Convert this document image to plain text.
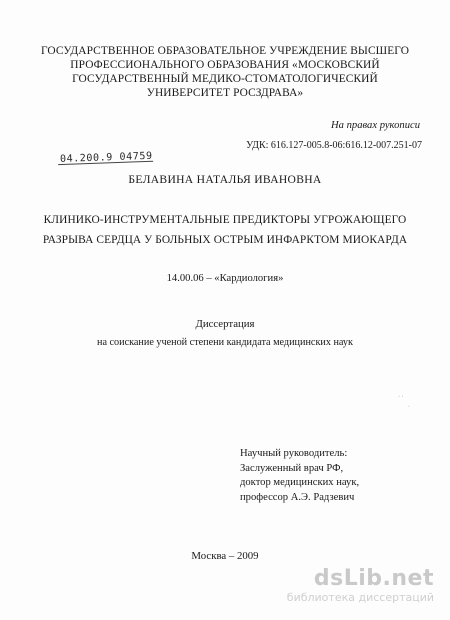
ГОСУДАРСТВЕННОЕ ОБРАЗОВАТЕЛЬНОЕ УЧРЕЖДЕНИЕ ВЫСШЕГО
ПРОФЕССИОНАЛЬНОГО ОБРАЗОВАНИЯ «МОСКОВСКИЙ
ГОСУДАРСТВЕННЫЙ МЕДИКО-СТОМАТОЛОГИЧЕСКИЙ
УНИВЕРСИТЕТ РОСЗДРАВА»
На правах рукописи
УДК: 616.127-005.8-06:616.12-007.251-07
04.200.9 04759
БЕЛАВИНА НАТАЛЬЯ ИВАНОВНА
КЛИНИКО-ИНСТРУМЕНТАЛЬНЫЕ ПРЕДИКТОРЫ УГРОЖАЮЩЕГО
РАЗРЫВА СЕРДЦА У БОЛЬНЫХ ОСТРЫМ ИНФАРКТОМ МИОКАРДА
14.00.06 – «Кардиология»
Диссертация
на соискание ученой степени кандидата медицинских наук
· ·
·
Научный руководитель:
Заслуженный врач РФ,
доктор медицинских наук,
профессор А.Э. Радзевич
Москва – 2009
dsLib.net
библиотека диссертаций
